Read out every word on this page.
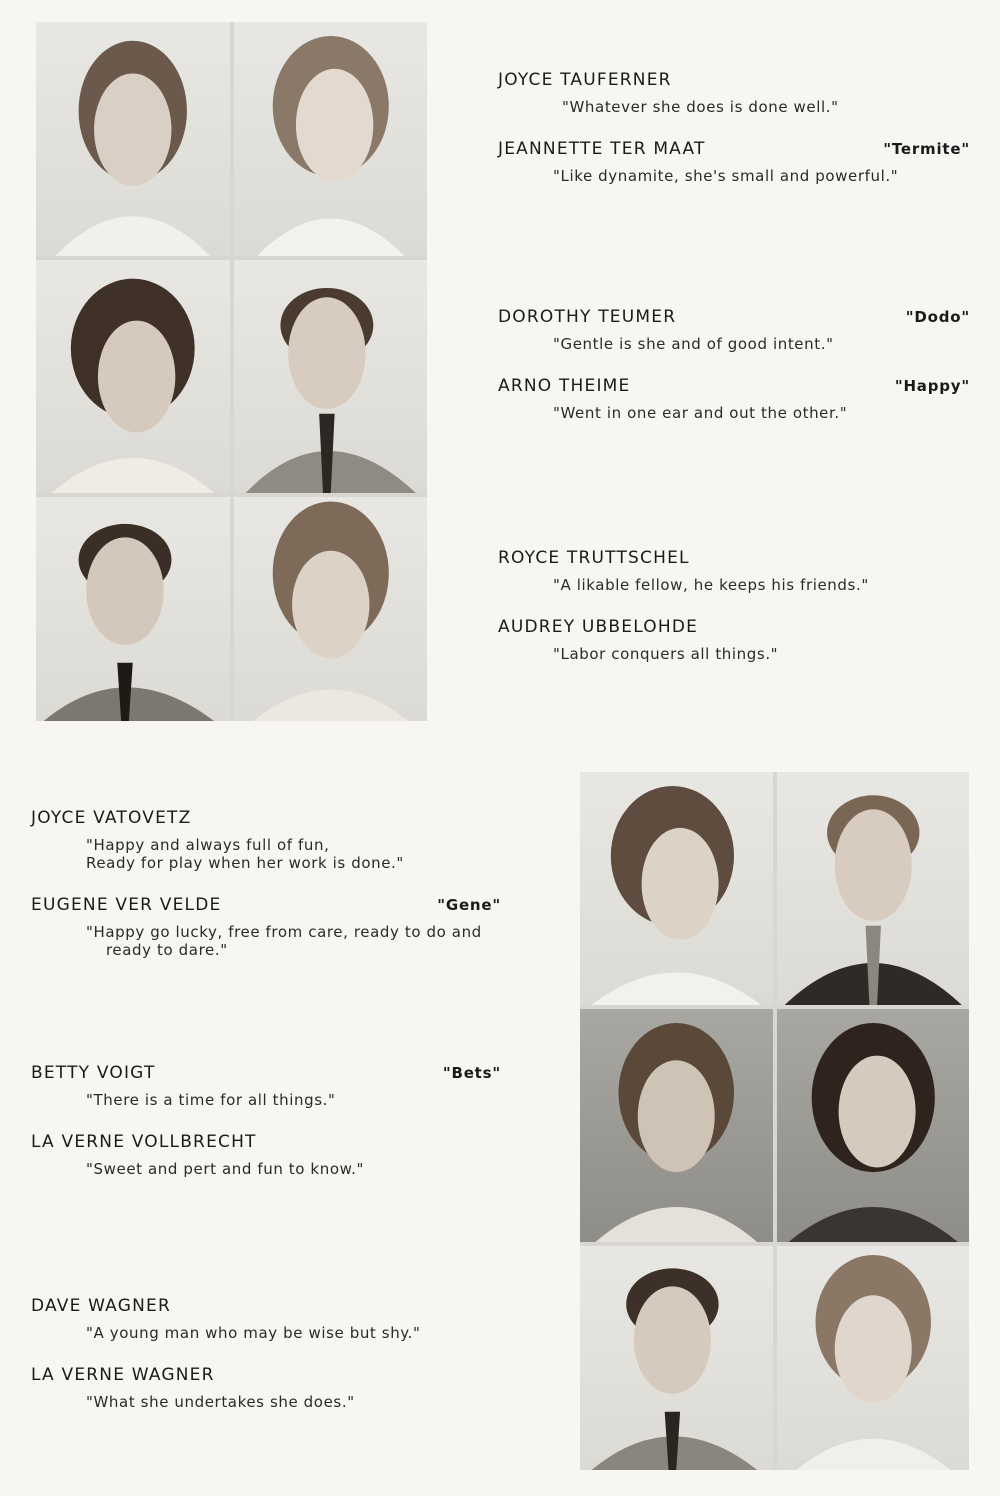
JOYCE TAUFERNER
"Whatever she does is done well."
JEANNETTE TER MAAT	"Termite"
"Like dynamite, she's small and powerful."
DOROTHY TEUMER	"Dodo"
"Gentle is she and of good intent."
ARNO THEIME	"Happy"
"Went in one ear and out the other."
ROYCE TRUTTSCHEL
"A likable fellow, he keeps his friends."
AUDREY UBBELOHDE
"Labor conquers all things."
JOYCE VATOVETZ
"Happy and always full of fun,
Ready for play when her work is done."
EUGENE VER VELDE	"Gene"
"Happy go lucky, free from care, ready to do and
ready to dare."
BETTY VOIGT	"Bets"
"There is a time for all things."
LA VERNE VOLLBRECHT
"Sweet and pert and fun to know."
DAVE WAGNER
"A young man who may be wise but shy."
LA VERNE WAGNER
"What she undertakes she does."
